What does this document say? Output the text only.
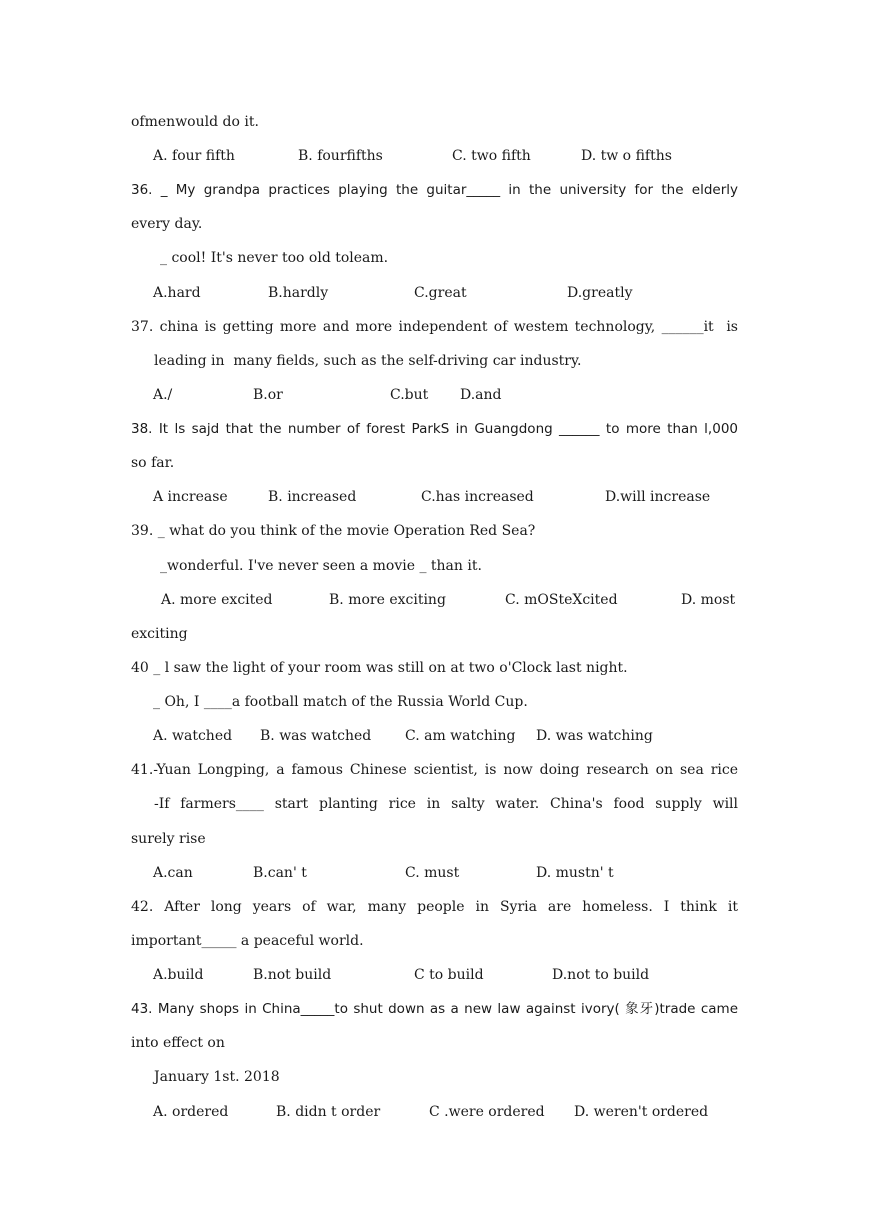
ofmenwould do it.
A. four fifth	B. fourfifths	C. two fifth	D. tw o fifths
36. _ My grandpa practices playing the guitar_____ in the university for the elderly
every day.
_ cool! It's never too old toleam.
A.hard	B.hardly	C.great	D.greatly
37. china is getting more and more independent of westem technology, ______it  is
leading in  many fields, such as the self-driving car industry.
A./	B.or	C.but D.and
38. It ls sajd that the number of forest ParkS in Guangdong ______ to more than l,000
so far.
A increase	B. increased	C.has increased	D.will increase
39. _ what do you think of the movie Operation Red Sea?
_wonderful. I've never seen a movie _ than it.
A. more excited	B. more exciting	C. mOSteXcited	D. most
exciting
40 _ l saw the light of your room was still on at two o'Clock last night.
_ Oh, I ____a football match of the Russia World Cup.
A. watched B. was watched C. am watching D. was watching
41.-Yuan Longping, a famous Chinese scientist, is now doing research on sea rice
-If farmers____ start planting rice in salty water. China's food supply will
surely rise
A.can	B.can' t	C. must	D. mustn' t
42. After long years of war, many people in Syria are homeless. I think it
important_____ a peaceful world.
A.build	B.not build	C to build	D.not to build
43. Many shops in China_____to shut down as a new law against ivory( 象牙)trade came
into effect on
January 1st. 2018
A. ordered	B. didn t order	C .were ordered D. weren't ordered
